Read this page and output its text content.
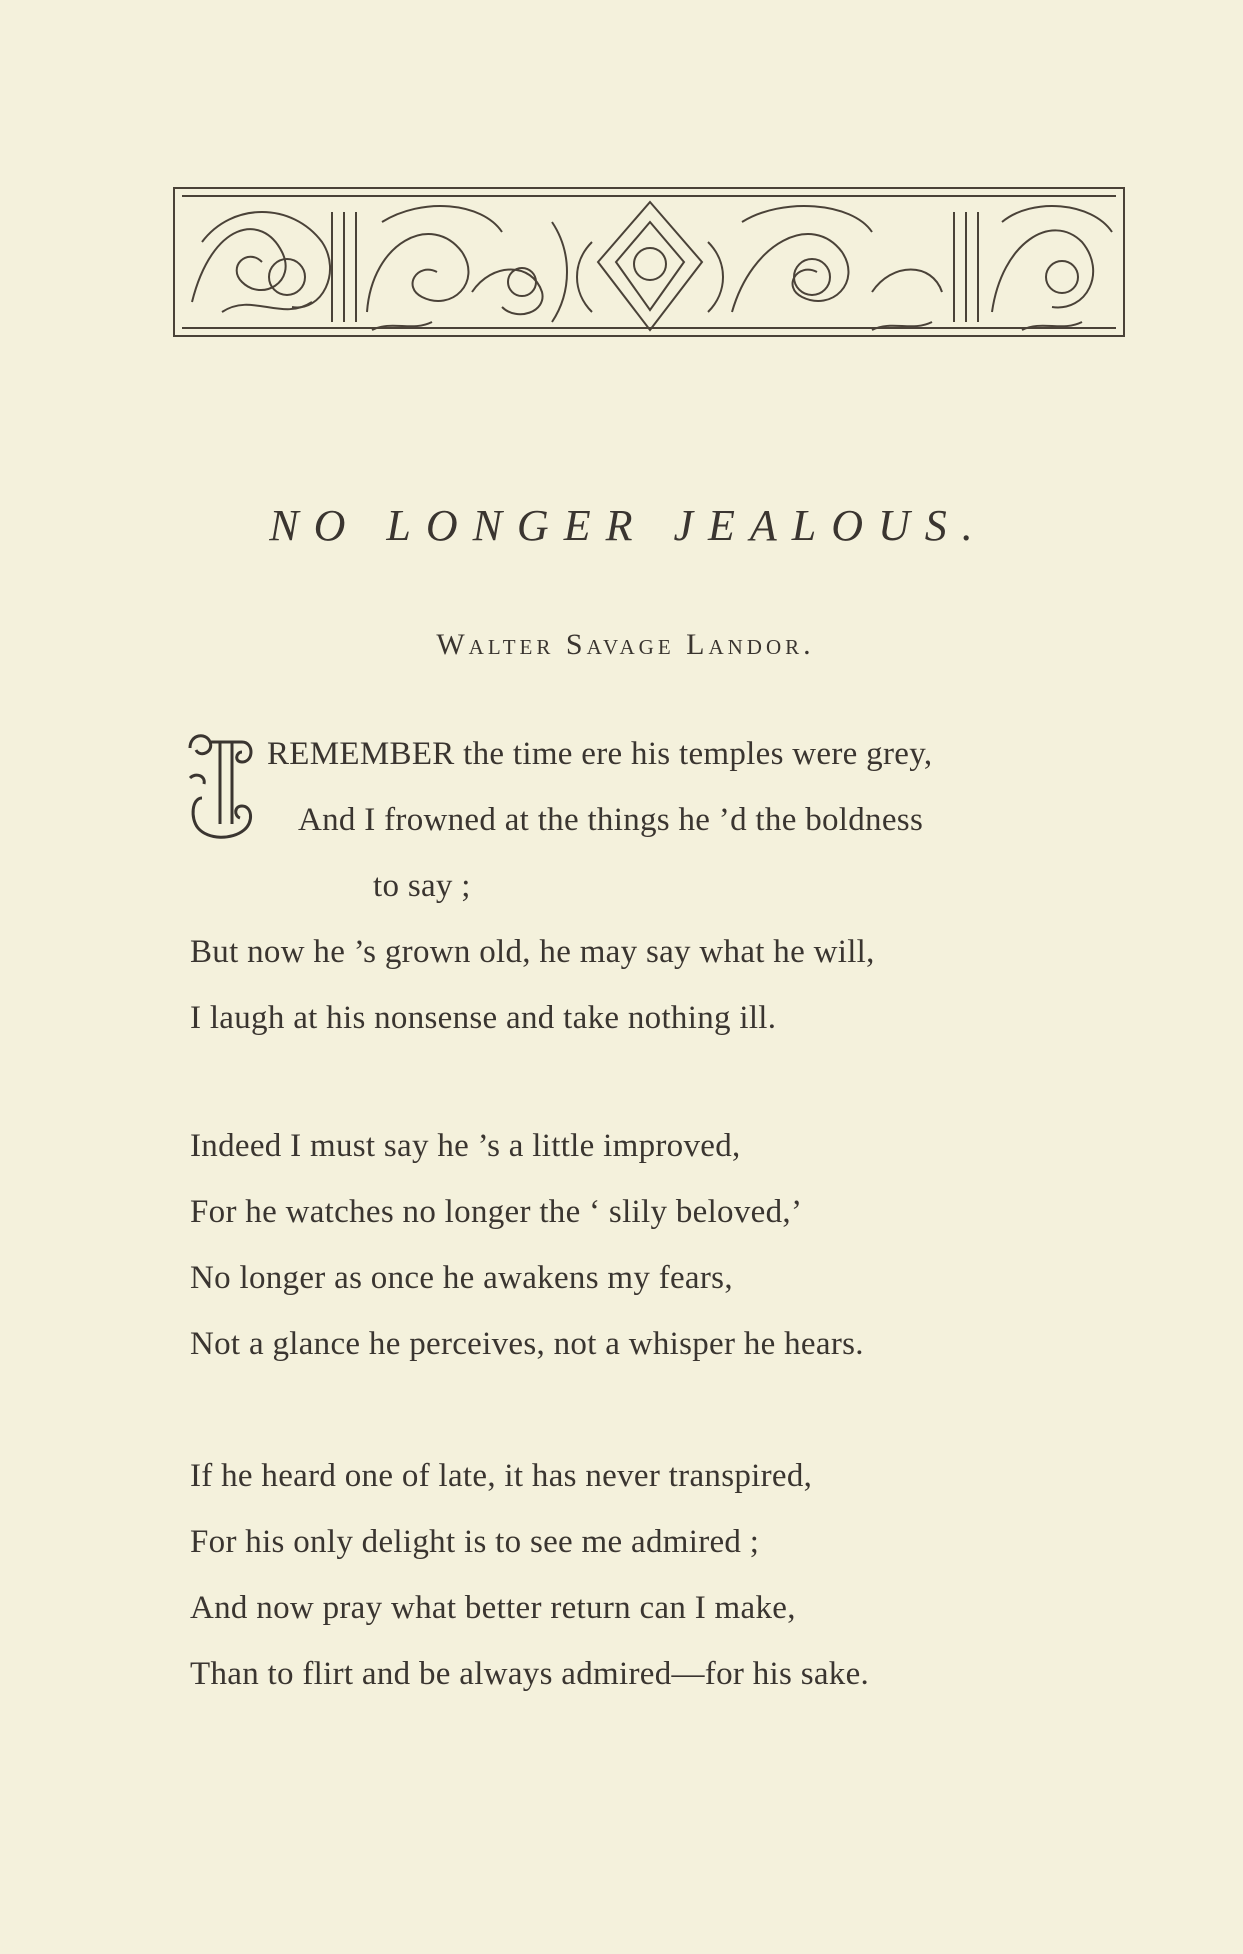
NO LONGER JEALOUS.
Walter Savage Landor.
REMEMBER the time ere his temples were grey,
And I frowned at the things he ’d the boldness
to say ;
But now he ’s grown old, he may say what he will,
I laugh at his nonsense and take nothing ill.
Indeed I must say he ’s a little improved,
For he watches no longer the ‘ slily beloved,’
No longer as once he awakens my fears,
Not a glance he perceives, not a whisper he hears.
If he heard one of late, it has never transpired,
For his only delight is to see me admired ;
And now pray what better return can I make,
Than to flirt and be always admired—for his sake.
